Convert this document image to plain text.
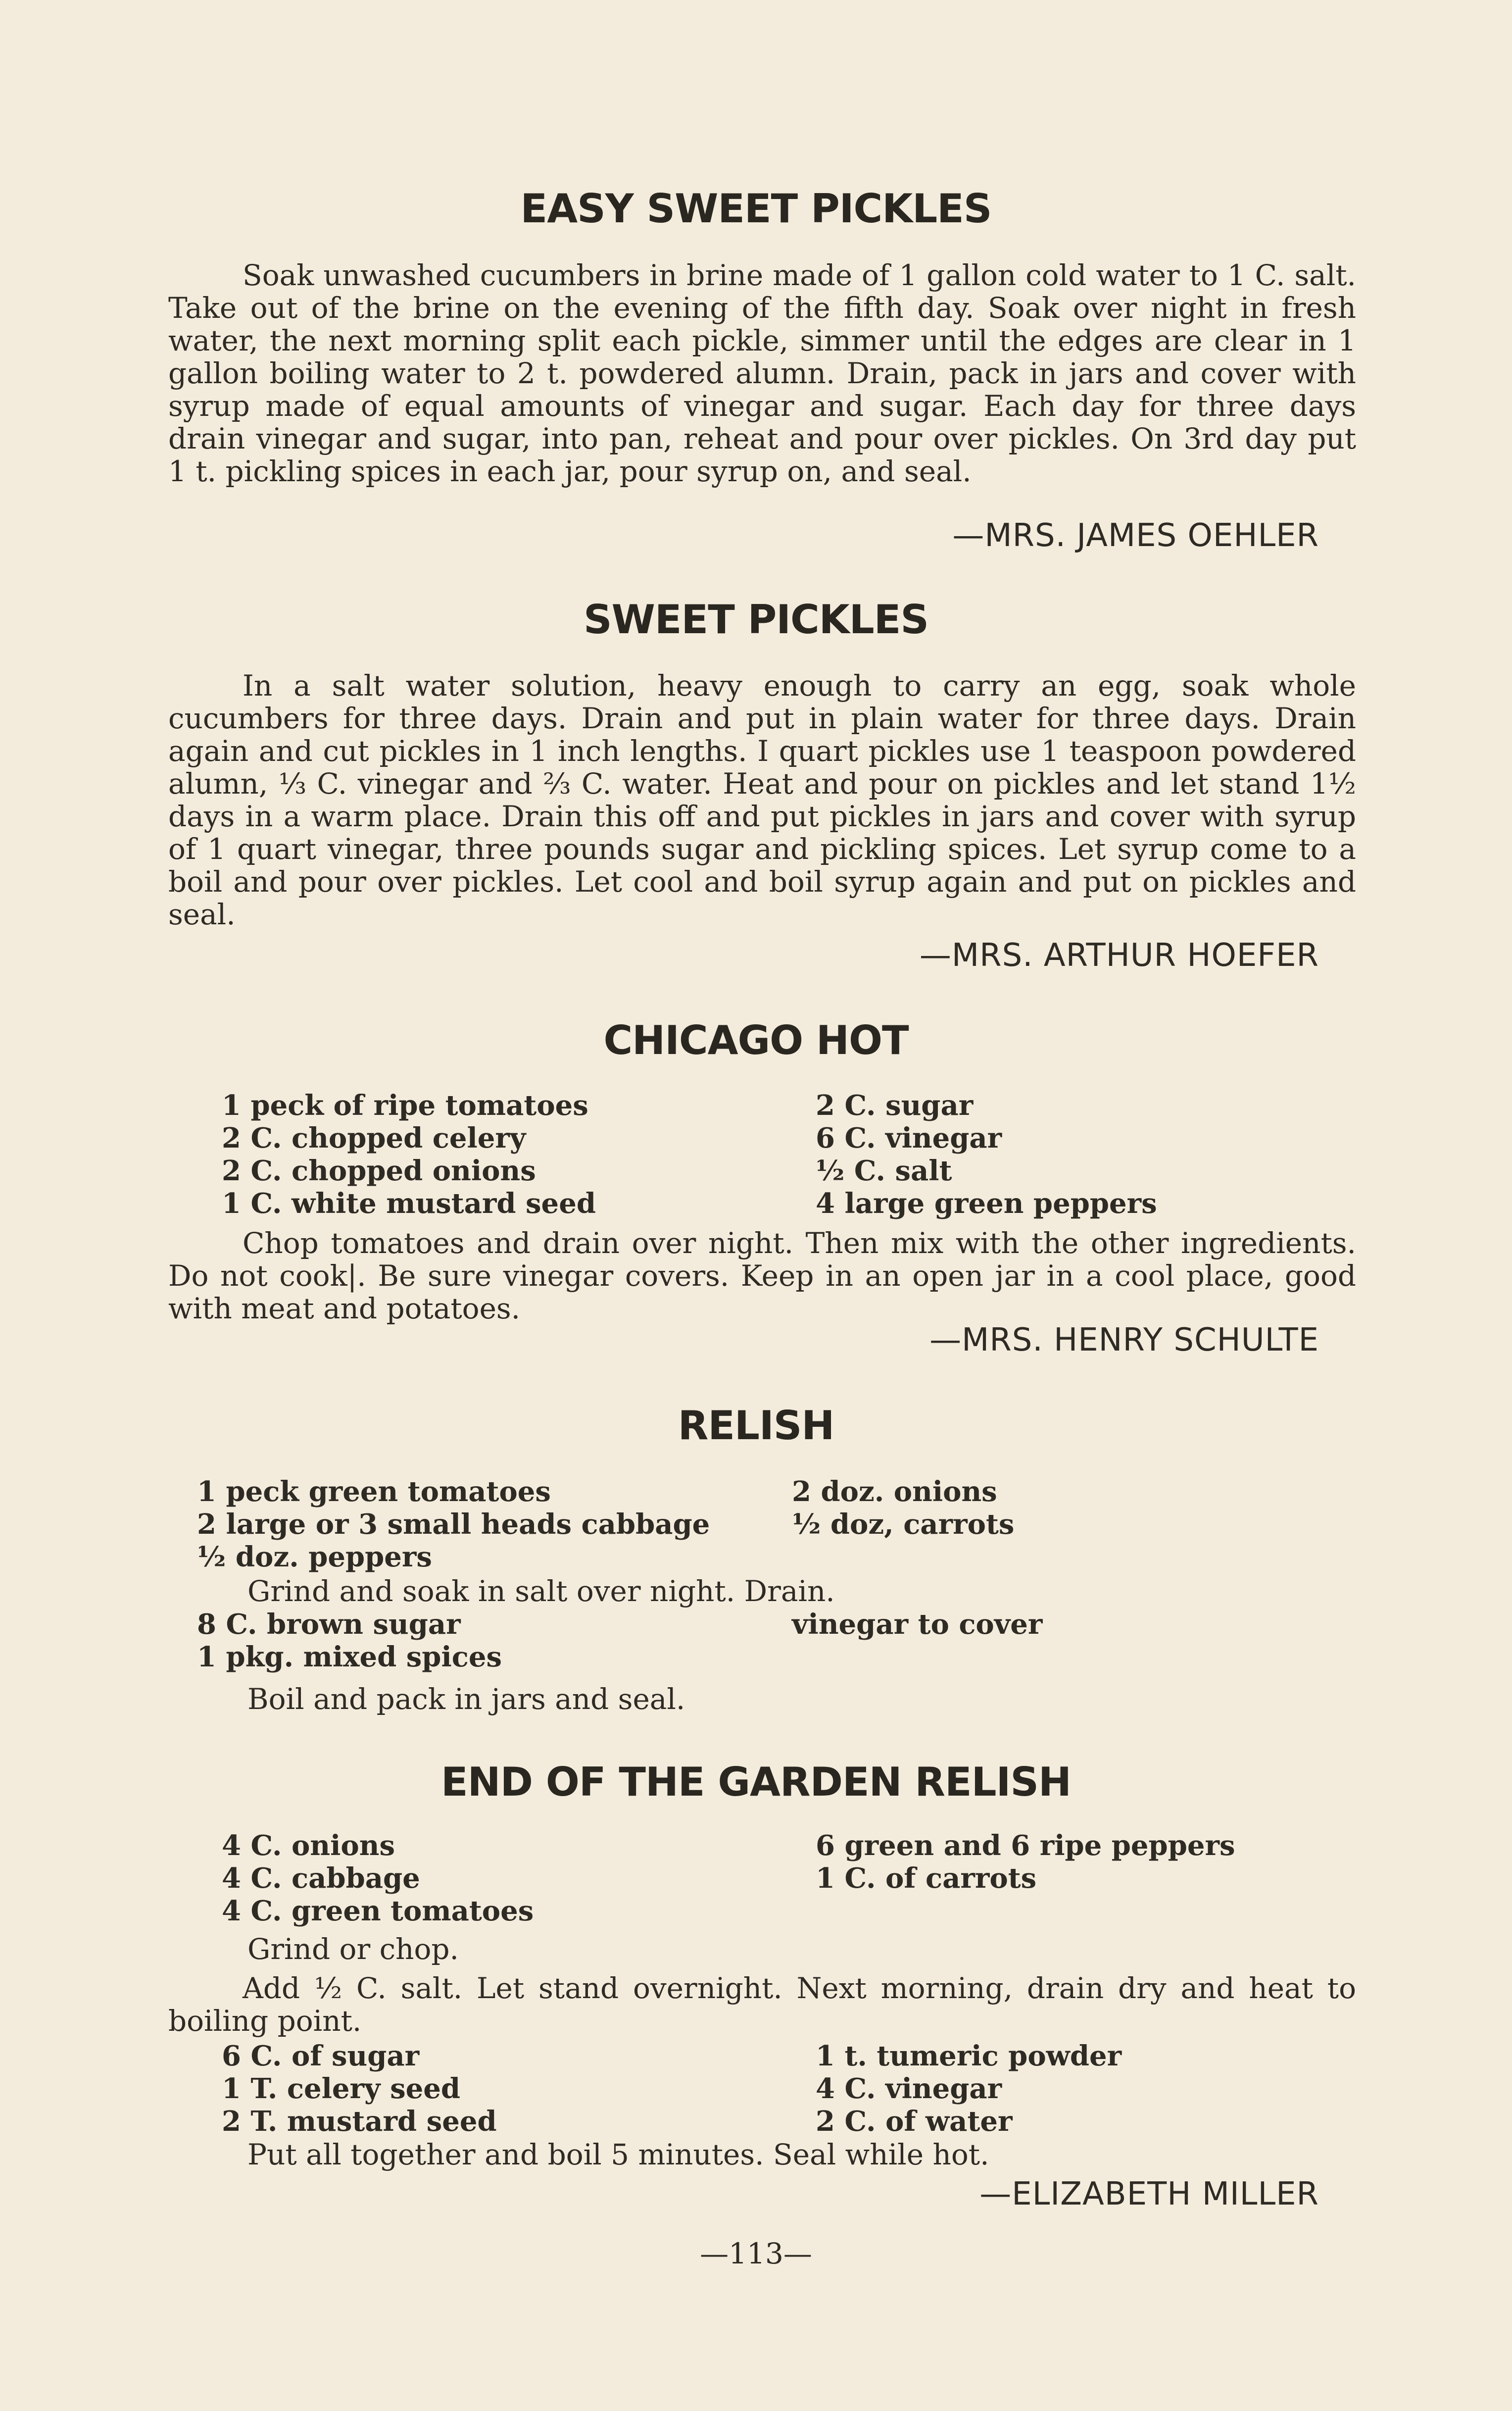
EASY SWEET PICKLES

Soak unwashed cucumbers in brine made of 1 gallon cold water to 1 C. salt. Take out of the brine on the evening of the fifth day. Soak over night in fresh water, the next morning split each pickle, simmer until the edges are clear in 1 gallon boiling water to 2 t. powdered alumn. Drain, pack in jars and cover with syrup made of equal amounts of vinegar and sugar. Each day for three days drain vinegar and sugar, into pan, reheat and pour over pickles. On 3rd day put 1 t. pickling spices in each jar, pour syrup on, and seal.

—MRS. JAMES OEHLER
SWEET PICKLES

In a salt water solution, heavy enough to carry an egg, soak whole cucumbers for three days. Drain and put in plain water for three days. Drain again and cut pickles in 1 inch lengths. I quart pickles use 1 teaspoon powdered alumn, ⅓ C. vinegar and ⅔ C. water. Heat and pour on pickles and let stand 1½ days in a warm place. Drain this off and put pickles in jars and cover with syrup of 1 quart vinegar, three pounds sugar and pickling spices. Let syrup come to a boil and pour over pickles. Let cool and boil syrup again and put on pickles and seal.

—MRS. ARTHUR HOEFER
CHICAGO HOT
1 peck of ripe tomatoes
2 C. chopped celery
2 C. chopped onions
1 C. white mustard seed
2 C. sugar
6 C. vinegar
½ C. salt
4 large green peppers

Chop tomatoes and drain over night. Then mix with the other ingredients. Do not cook|. Be sure vinegar covers. Keep in an open jar in a cool place, good with meat and potatoes.

—MRS. HENRY SCHULTE
RELISH
1 peck green tomatoes
2 large or 3 small heads cabbage
½ doz. peppers
2 doz. onions
½ doz, carrots
Grind and soak in salt over night. Drain.
8 C. brown sugar
1 pkg. mixed spices
vinegar to cover
Boil and pack in jars and seal.
END OF THE GARDEN RELISH
4 C. onions
4 C. cabbage
4 C. green tomatoes
6 green and 6 ripe peppers
1 C. of carrots
Grind or chop.

Add ½ C. salt. Let stand overnight. Next morning, drain dry and heat to boiling point.

6 C. of sugar
1 T. celery seed
2 T. mustard seed
1 t. tumeric powder
4 C. vinegar
2 C. of water
Put all together and boil 5 minutes. Seal while hot.
—ELIZABETH MILLER
—113—
